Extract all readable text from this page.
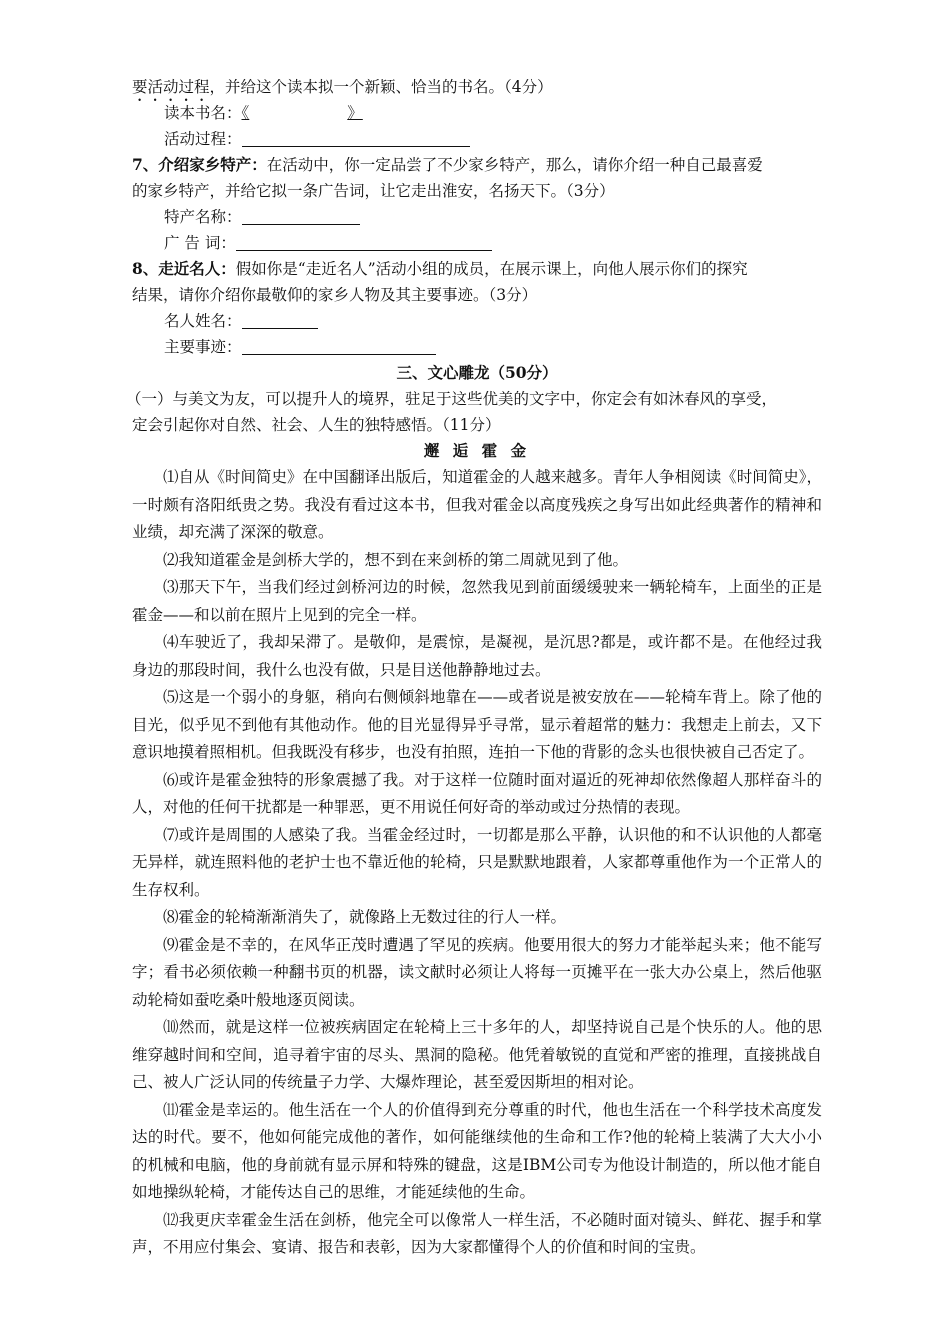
要活动过程，并给这个读本拟一个新颖、恰当的书名。（4分）
读本书名：《	》
活动过程：
7、介绍家乡特产：在活动中，你一定品尝了不少家乡特产，那么，请你介绍一种自己最喜爱
的家乡特产，并给它拟一条广告词，让它走出淮安，名扬天下。（3分）
特产名称：
广 告 词：
8、走近名人：假如你是“走近名人”活动小组的成员，在展示课上，向他人展示你们的探究
结果，请你介绍你最敬仰的家乡人物及其主要事迹。（3分）
名人姓名：
主要事迹：
三、文心雕龙（50分）
（一）与美文为友，可以提升人的境界，驻足于这些优美的文字中，你定会有如沐春风的享受，
定会引起你对自然、社会、人生的独特感悟。（11分）
邂 逅 霍 金

⑴自从《时间简史》在中国翻译出版后，知道霍金的人越来越多。青年人争相阅读《时间简史》，一时颇有洛阳纸贵之势。我没有看过这本书，但我对霍金以高度残疾之身写出如此经典著作的精神和业绩，却充满了深深的敬意。

⑵我知道霍金是剑桥大学的，想不到在来剑桥的第二周就见到了他。

⑶那天下午，当我们经过剑桥河边的时候，忽然我见到前面缓缓驶来一辆轮椅车，上面坐的正是霍金——和以前在照片上见到的完全一样。

⑷车驶近了，我却呆滞了。是敬仰，是震惊，是凝视，是沉思?都是，或许都不是。在他经过我身边的那段时间，我什么也没有做，只是目送他静静地过去。

⑸这是一个弱小的身躯，稍向右侧倾斜地靠在——或者说是被安放在——轮椅车背上。除了他的目光，似乎见不到他有其他动作。他的目光显得异乎寻常，显示着超常的魅力：我想走上前去，又下意识地摸着照相机。但我既没有移步，也没有拍照，连拍一下他的背影的念头也很快被自己否定了。

⑹或许是霍金独特的形象震撼了我。对于这样一位随时面对逼近的死神却依然像超人那样奋斗的人，对他的任何干扰都是一种罪恶，更不用说任何好奇的举动或过分热情的表现。

⑺或许是周围的人感染了我。当霍金经过时，一切都是那么平静，认识他的和不认识他的人都毫无异样，就连照料他的老护士也不靠近他的轮椅，只是默默地跟着，人家都尊重他作为一个正常人的生存权利。

⑻霍金的轮椅渐渐消失了，就像路上无数过往的行人一样。

⑼霍金是不幸的，在风华正茂时遭遇了罕见的疾病。他要用很大的努力才能举起头来；他不能写字；看书必须依赖一种翻书页的机器，读文献时必须让人将每一页摊平在一张大办公桌上，然后他驱动轮椅如蚕吃桑叶般地逐页阅读。

⑽然而，就是这样一位被疾病固定在轮椅上三十多年的人，却坚持说自己是个快乐的人。他的思维穿越时间和空间，追寻着宇宙的尽头、黑洞的隐秘。他凭着敏锐的直觉和严密的推理，直接挑战自己、被人广泛认同的传统量子力学、大爆炸理论，甚至爱因斯坦的相对论。

⑾霍金是幸运的。他生活在一个人的价值得到充分尊重的时代，他也生活在一个科学技术高度发达的时代。要不，他如何能完成他的著作，如何能继续他的生命和工作?他的轮椅上装满了大大小小的机械和电脑，他的身前就有显示屏和特殊的键盘，这是IBM公司专为他设计制造的，所以他才能自如地操纵轮椅，才能传达自己的思维，才能延续他的生命。

⑿我更庆幸霍金生活在剑桥，他完全可以像常人一样生活，不必随时面对镜头、鲜花、握手和掌声，不用应付集会、宴请、报告和表彰，因为大家都懂得个人的价值和时间的宝贵。
